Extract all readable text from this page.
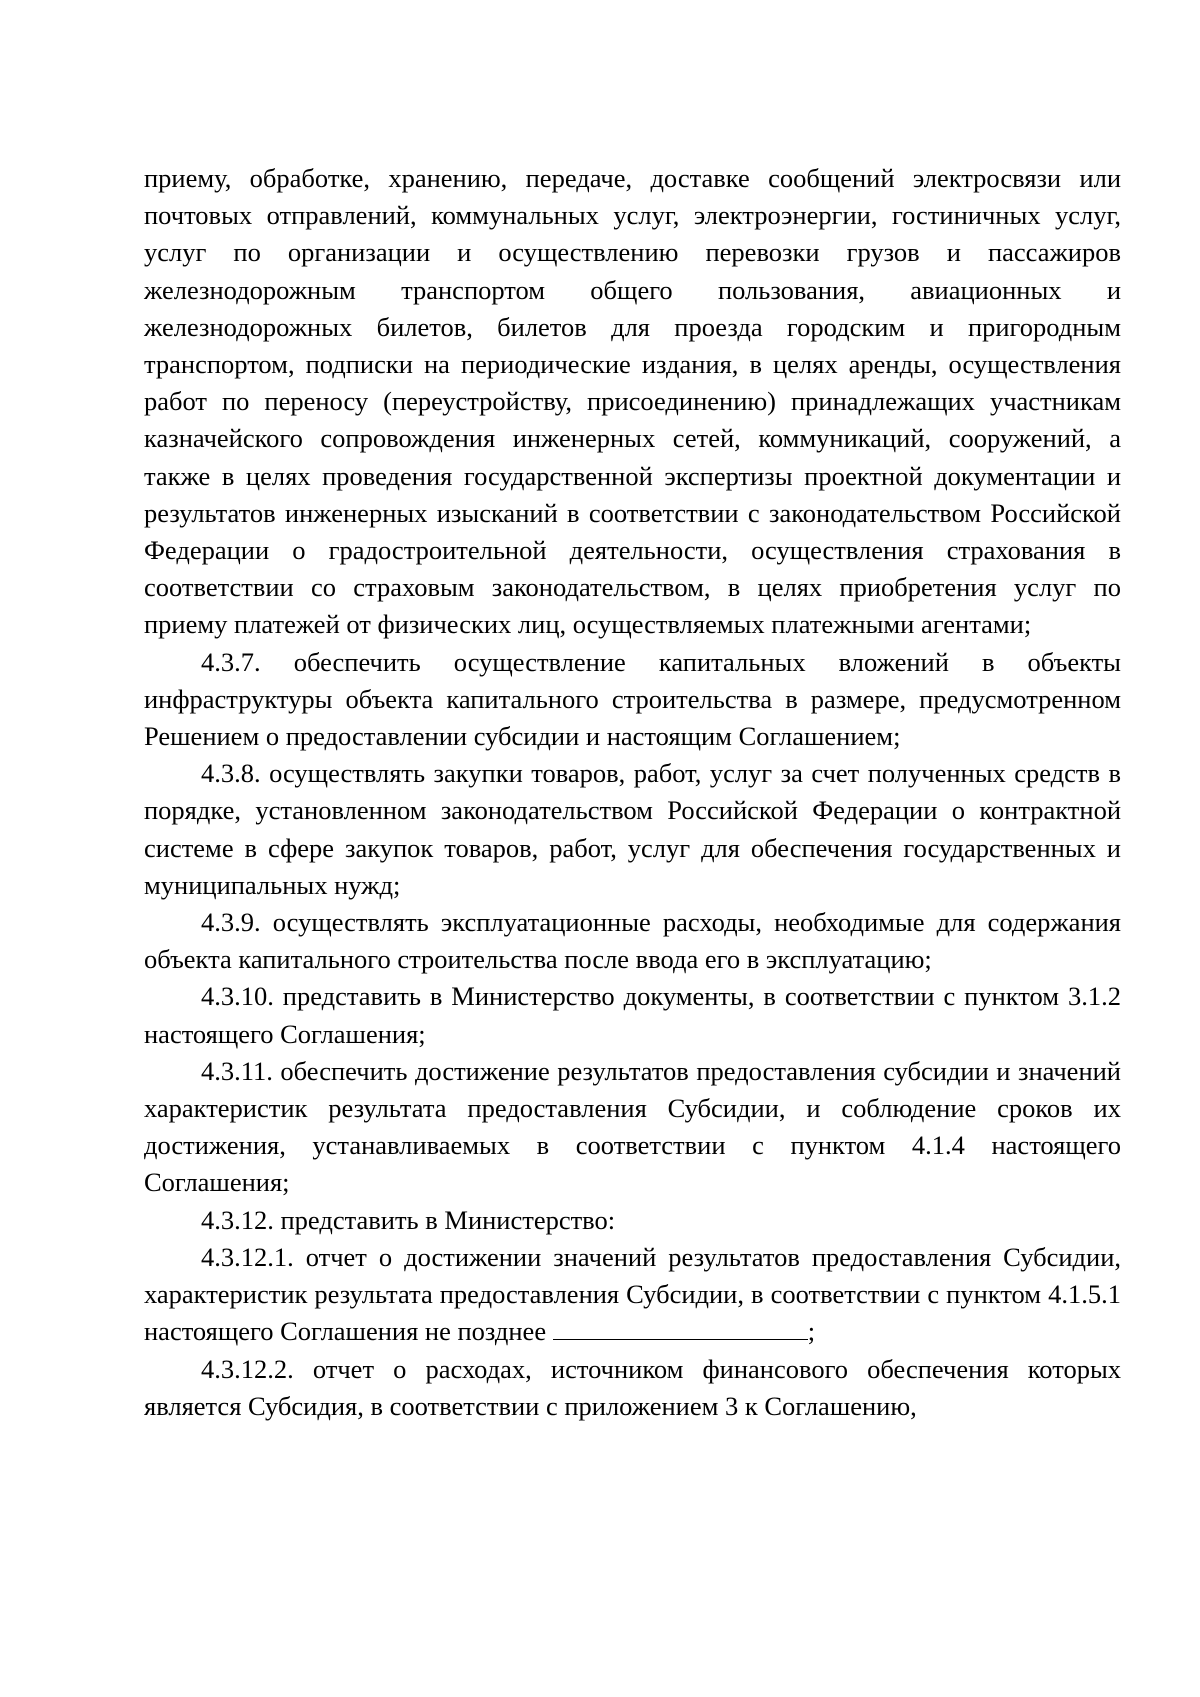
приему, обработке, хранению, передаче, доставке сообщений электросвязи или почтовых отправлений, коммунальных услуг, электроэнергии, гостиничных услуг, услуг по организации и осуществлению перевозки грузов и пассажиров железнодорожным транспортом общего пользования, авиационных и железнодорожных билетов, билетов для проезда городским и пригородным транспортом, подписки на периодические издания, в целях аренды, осуществления работ по переносу (переустройству, присоединению) принадлежащих участникам казначейского сопровождения инженерных сетей, коммуникаций, сооружений, а также в целях проведения государственной экспертизы проектной документации и результатов инженерных изысканий в соответствии с законодательством Российской Федерации о градостроительной деятельности, осуществления страхования в соответствии со страховым законодательством, в целях приобретения услуг по приему платежей от физических лиц, осуществляемых платежными агентами;

4.3.7. обеспечить осуществление капитальных вложений в объекты инфраструктуры объекта капитального строительства в размере, предусмотренном Решением о предоставлении субсидии и настоящим Соглашением;

4.3.8. осуществлять закупки товаров, работ, услуг за счет полученных средств в порядке, установленном законодательством Российской Федерации о контрактной системе в сфере закупок товаров, работ, услуг для обеспечения государственных и муниципальных нужд;

4.3.9. осуществлять эксплуатационные расходы, необходимые для содержания объекта капитального строительства после ввода его в эксплуатацию;

4.3.10. представить в Министерство документы, в соответствии с пунктом 3.1.2 настоящего Соглашения;

4.3.11. обеспечить достижение результатов предоставления субсидии и значений характеристик результата предоставления Субсидии, и соблюдение сроков их достижения, устанавливаемых в соответствии с пунктом 4.1.4 настоящего Соглашения;

4.3.12. представить в Министерство:

4.3.12.1. отчет о достижении значений результатов предоставления Субсидии, характеристик результата предоставления Субсидии, в соответствии с пунктом 4.1.5.1 настоящего Соглашения не позднее	;

4.3.12.2. отчет о расходах, источником финансового обеспечения которых является Субсидия, в соответствии с приложением 3 к Соглашению,
